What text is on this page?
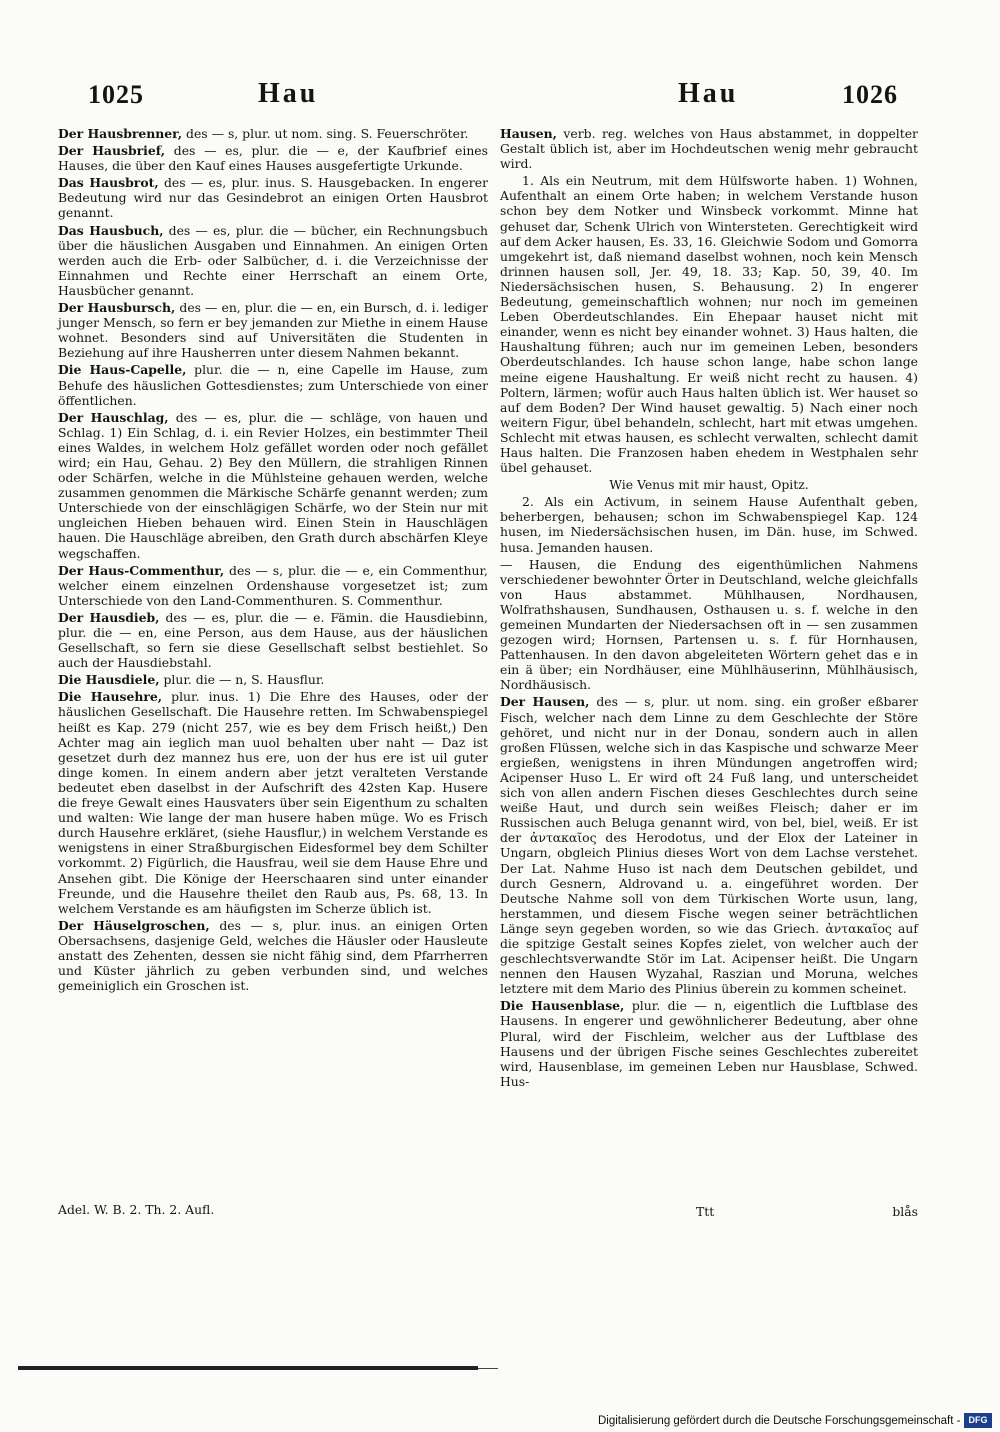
1025	Hau	Hau	1026

Der Hausbrenner, des — s, plur. ut nom. sing. S. Feuerschröter.

Der Hausbrief, des — es, plur. die — e, der Kaufbrief eines Hauses, die über den Kauf eines Hauses ausgefertigte Urkunde.

Das Hausbrot, des — es, plur. inus. S. Hausgebacken. In engerer Bedeutung wird nur das Gesindebrot an einigen Orten Hausbrot genannt.

Das Hausbuch, des — es, plur. die — bücher, ein Rechnungsbuch über die häuslichen Ausgaben und Einnahmen. An einigen Orten werden auch die Erb- oder Salbücher, d. i. die Verzeichnisse der Einnahmen und Rechte einer Herrschaft an einem Orte, Hausbücher genannt.

Der Hausbursch, des — en, plur. die — en, ein Bursch, d. i. lediger junger Mensch, so fern er bey jemanden zur Miethe in einem Hause wohnet. Besonders sind auf Universitäten die Studenten in Beziehung auf ihre Hausherren unter diesem Nahmen bekannt.

Die Haus-Capelle, plur. die — n, eine Capelle im Hause, zum Behufe des häuslichen Gottesdienstes; zum Unterschiede von einer öffentlichen.

Der Hauschlag, des — es, plur. die — schläge, von hauen und Schlag. 1) Ein Schlag, d. i. ein Revier Holzes, ein bestimmter Theil eines Waldes, in welchem Holz gefället worden oder noch gefället wird; ein Hau, Gehau. 2) Bey den Müllern, die strahligen Rinnen oder Schärfen, welche in die Mühlsteine gehauen werden, welche zusammen genommen die Märkische Schärfe genannt werden; zum Unterschiede von der einschlägigen Schärfe, wo der Stein nur mit ungleichen Hieben behauen wird. Einen Stein in Hauschlägen hauen. Die Hauschläge abreiben, den Grath durch abschärfen Kleye wegschaffen.

Der Haus-Commenthur, des — s, plur. die — e, ein Commenthur, welcher einem einzelnen Ordenshause vorgesetzet ist; zum Unterschiede von den Land-Commenthuren. S. Commenthur.

Der Hausdieb, des — es, plur. die — e. Fämin. die Hausdiebinn, plur. die — en, eine Person, aus dem Hause, aus der häuslichen Gesellschaft, so fern sie diese Gesellschaft selbst bestiehlet. So auch der Hausdiebstahl.

Die Hausdiele, plur. die — n, S. Hausflur.

Die Hausehre, plur. inus. 1) Die Ehre des Hauses, oder der häuslichen Gesellschaft. Die Hausehre retten. Im Schwabenspiegel heißt es Kap. 279 (nicht 257, wie es bey dem Frisch heißt,) Den Achter mag ain ieglich man uuol behalten uber naht — Daz ist gesetzet durh dez mannez hus ere, uon der hus ere ist uil guter dinge komen. In einem andern aber jetzt veralteten Verstande bedeutet eben daselbst in der Aufschrift des 42sten Kap. Husere die freye Gewalt eines Hausvaters über sein Eigenthum zu schalten und walten: Wie lange der man husere haben müge. Wo es Frisch durch Hausehre erkläret, (siehe Hausflur,) in welchem Verstande es wenigstens in einer Straßburgischen Eidesformel bey dem Schilter vorkommt. 2) Figürlich, die Hausfrau, weil sie dem Hause Ehre und Ansehen gibt. Die Könige der Heerschaaren sind unter einander Freunde, und die Hausehre theilet den Raub aus, Ps. 68, 13. In welchem Verstande es am häufigsten im Scherze üblich ist.

Der Häuselgroschen, des — s, plur. inus. an einigen Orten Obersachsens, dasjenige Geld, welches die Häusler oder Hausleute anstatt des Zehenten, dessen sie nicht fähig sind, dem Pfarrherren und Küster jährlich zu geben verbunden sind, und welches gemeiniglich ein Groschen ist.

Hausen, verb. reg. welches von Haus abstammet, in doppelter Gestalt üblich ist, aber im Hochdeutschen wenig mehr gebraucht wird.

1. Als ein Neutrum, mit dem Hülfsworte haben. 1) Wohnen, Aufenthalt an einem Orte haben; in welchem Verstande huson schon bey dem Notker und Winsbeck vorkommt. Minne hat gehuset dar, Schenk Ulrich von Wintersteten. Gerechtigkeit wird auf dem Acker hausen, Es. 33, 16. Gleichwie Sodom und Gomorra umgekehrt ist, daß niemand daselbst wohnen, noch kein Mensch drinnen hausen soll, Jer. 49, 18. 33; Kap. 50, 39, 40. Im Niedersächsischen husen, S. Behausung. 2) In engerer Bedeutung, gemeinschaftlich wohnen; nur noch im gemeinen Leben Oberdeutschlandes. Ein Ehepaar hauset nicht mit einander, wenn es nicht bey einander wohnet. 3) Haus halten, die Haushaltung führen; auch nur im gemeinen Leben, besonders Oberdeutschlandes. Ich hause schon lange, habe schon lange meine eigene Haushaltung. Er weiß nicht recht zu hausen. 4) Poltern, lärmen; wofür auch Haus halten üblich ist. Wer hauset so auf dem Boden? Der Wind hauset gewaltig. 5) Nach einer noch weitern Figur, übel behandeln, schlecht, hart mit etwas umgehen. Schlecht mit etwas hausen, es schlecht verwalten, schlecht damit Haus halten. Die Franzosen haben ehedem in Westphalen sehr übel gehauset.

Wie Venus mit mir haust, Opitz.

2. Als ein Activum, in seinem Hause Aufenthalt geben, beherbergen, behausen; schon im Schwabenspiegel Kap. 124 husen, im Niedersächsischen husen, im Dän. huse, im Schwed. husa. Jemanden hausen.

— Hausen, die Endung des eigenthümlichen Nahmens verschiedener bewohnter Örter in Deutschland, welche gleichfalls von Haus abstammet. Mühlhausen, Nordhausen, Wolfrathshausen, Sundhausen, Osthausen u. s. f. welche in den gemeinen Mundarten der Niedersachsen oft in — sen zusammen gezogen wird; Hornsen, Partensen u. s. f. für Hornhausen, Pattenhausen. In den davon abgeleiteten Wörtern gehet das e in ein ä über; ein Nordhäuser, eine Mühlhäuserinn, Mühlhäusisch, Nordhäusisch.

Der Hausen, des — s, plur. ut nom. sing. ein großer eßbarer Fisch, welcher nach dem Linne zu dem Geschlechte der Störe gehöret, und nicht nur in der Donau, sondern auch in allen großen Flüssen, welche sich in das Kaspische und schwarze Meer ergießen, wenigstens in ihren Mündungen angetroffen wird; Acipenser Huso L. Er wird oft 24 Fuß lang, und unterscheidet sich von allen andern Fischen dieses Geschlechtes durch seine weiße Haut, und durch sein weißes Fleisch; daher er im Russischen auch Beluga genannt wird, von bel, biel, weiß. Er ist der ἀντακαῖος des Herodotus, und der Elox der Lateiner in Ungarn, obgleich Plinius dieses Wort von dem Lachse verstehet. Der Lat. Nahme Huso ist nach dem Deutschen gebildet, und durch Gesnern, Aldrovand u. a. eingeführet worden. Der Deutsche Nahme soll von dem Türkischen Worte usun, lang, herstammen, und diesem Fische wegen seiner beträchtlichen Länge seyn gegeben worden, so wie das Griech. ἀντακαῖος auf die spitzige Gestalt seines Kopfes zielet, von welcher auch der geschlechtsverwandte Stör im Lat. Acipenser heißt. Die Ungarn nennen den Hausen Wyzahal, Raszian und Moruna, welches letztere mit dem Mario des Plinius überein zu kommen scheinet.

Die Hausenblase, plur. die — n, eigentlich die Luftblase des Hausens. In engerer und gewöhnlicherer Bedeutung, aber ohne Plural, wird der Fischleim, welcher aus der Luftblase des Hausens und der übrigen Fische seines Geschlechtes zubereitet wird, Hausenblase, im gemeinen Leben nur Hausblase, Schwed. Hus-

Adel. W. B. 2. Th. 2. Aufl.	Ttt	blås
Digitalisierung gefördert durch die Deutsche Forschungsgemeinschaft - DFG
